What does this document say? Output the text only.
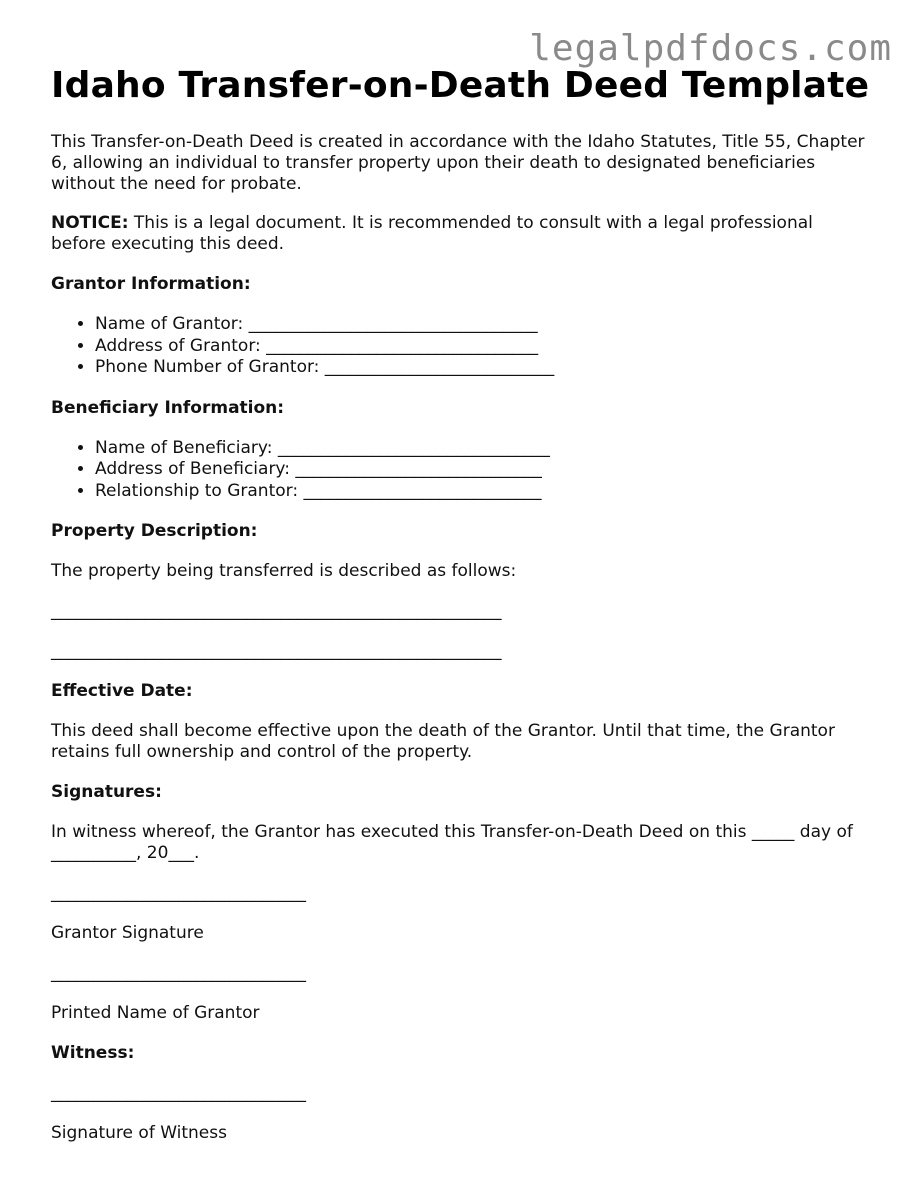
legalpdfdocs.com
Idaho Transfer-on-Death Deed Template

This Transfer-on-Death Deed is created in accordance with the Idaho Statutes, Title 55, Chapter 6, allowing an individual to transfer property upon their death to designated beneficiaries without the need for probate.

NOTICE: This is a legal document. It is recommended to consult with a legal professional before executing this deed.

Grantor Information:
• Name of Grantor: __________________________________
• Address of Grantor: ________________________________
• Phone Number of Grantor: ___________________________
Beneficiary Information:
• Name of Beneficiary: ________________________________
• Address of Beneficiary: _____________________________
• Relationship to Grantor: ____________________________
Property Description:

The property being transferred is described as follows:

_____________________________________________________

_____________________________________________________

Effective Date:

This deed shall become effective upon the death of the Grantor. Until that time, the Grantor retains full ownership and control of the property.

Signatures:

In witness whereof, the Grantor has executed this Transfer-on-Death Deed on this _____ day of __________, 20___.

______________________________

Grantor Signature

______________________________

Printed Name of Grantor

Witness:

______________________________

Signature of Witness
